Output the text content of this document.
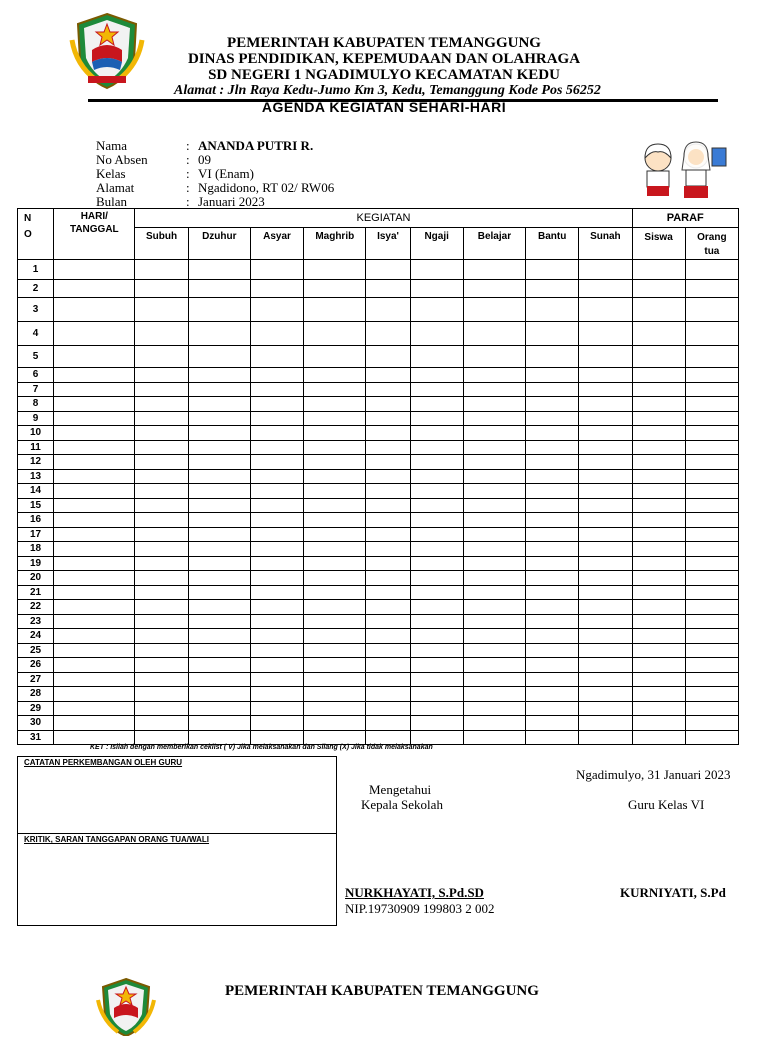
PEMERINTAH KABUPATEN TEMANGGUNG
DINAS PENDIDIKAN, KEPEMUDAAN DAN OLAHRAGA
SD NEGERI 1 NGADIMULYO KECAMATAN KEDU
Alamat : Jln Raya Kedu-Jumo Km 3, Kedu, Temanggung Kode Pos 56252
AGENDA KEGIATAN SEHARI-HARI
Nama	: ANANDA PUTRI R.
No Absen	: 09
Kelas	: VI (Enam)
Alamat	: Ngadidono, RT 02/ RW06
Bulan	: Januari 2023
N O	HARI/ TANGGAL	KEGIATAN									PARAF	
		Subuh	Dzuhur	Asyar	Maghrib	Isya'	Ngaji	Belajar	Bantu	Sunah	Siswa	Orang tua
1												
2												
3												
4												
5												
6												
7												
8												
9												
10												
11												
12												
13												
14												
15												
16												
17												
18												
19												
20												
21												
22												
23												
24												
25												
26												
27												
28												
29												
30												
31												
KET : Isilah dengan memberikan ceklist ( V) Jika melaksanakan dan Silang (X) Jika tidak melaksanakan
CATATAN PERKEMBANGAN OLEH GURU
KRITIK, SARAN TANGGAPAN ORANG TUA/WALI
Ngadimulyo, 31 Januari 2023
Mengetahui
Kepala Sekolah	Guru Kelas VI
NURKHAYATI, S.Pd.SD
NIP.19730909 199803 2 002
KURNIYATI, S.Pd
PEMERINTAH KABUPATEN TEMANGGUNG
